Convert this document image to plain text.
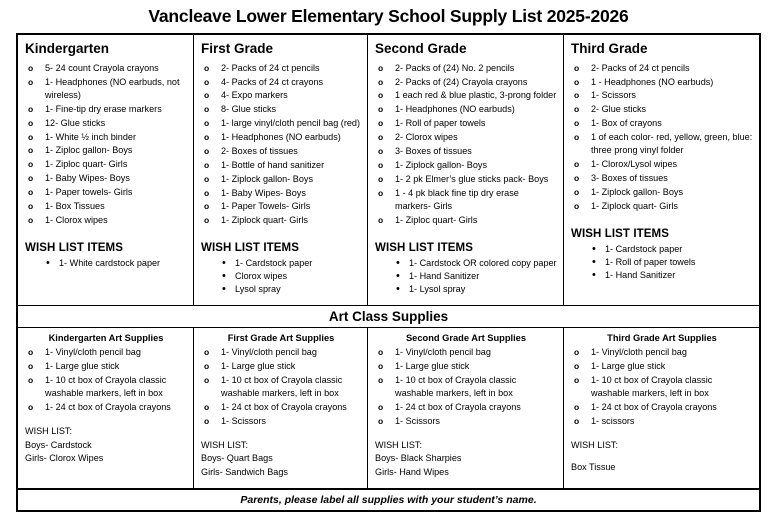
Vancleave Lower Elementary School Supply List 2025-2026
Kindergarten
o 5- 24 count Crayola crayons
o 1- Headphones (NO earbuds, not wireless)
o 1- Fine-tip dry erase markers
o 12- Glue sticks
o 1- White ½ inch binder
o 1- Ziploc gallon- Boys
o 1- Ziploc quart- Girls
o 1- Baby Wipes- Boys
o 1- Paper towels- Girls
o 1- Box Tissues
o 1- Clorox wipes
WISH LIST ITEMS
• 1- White cardstock paper
First Grade
o 2- Packs of 24 ct pencils
o 4- Packs of 24 ct crayons
o 4- Expo markers
o 8- Glue sticks
o 1- large vinyl/cloth pencil bag (red)
o 1- Headphones (NO earbuds)
o 2- Boxes of tissues
o 1- Bottle of hand sanitizer
o 1- Ziplock gallon- Boys
o 1- Baby Wipes- Boys
o 1- Paper Towels- Girls
o 1- Ziplock quart- Girls
WISH LIST ITEMS
• 1- Cardstock paper
• Clorox wipes
• Lysol spray
Second Grade
o 2- Packs of (24) No. 2 pencils
o 2- Packs of (24) Crayola crayons
o 1 each red & blue plastic, 3-prong folder
o 1- Headphones (NO earbuds)
o 1- Roll of paper towels
o 2- Clorox wipes
o 3- Boxes of tissues
o 1- Ziplock gallon- Boys
o 1- 2 pk Elmer’s glue sticks pack- Boys
o 1 - 4 pk black fine tip dry erase markers- Girls
o 1- Ziploc quart- Girls
WISH LIST ITEMS
• 1- Cardstock OR colored copy paper
• 1- Hand Sanitizer
• 1- Lysol spray
Third Grade
o 2- Packs of 24 ct pencils
o 1 - Headphones (NO earbuds)
o 1- Scissors
o 2- Glue sticks
o 1- Box of crayons
o 1 of each color- red, yellow, green, blue: three prong vinyl folder
o 1- Clorox/Lysol wipes
o 3- Boxes of tissues
o 1- Ziplock gallon- Boys
o 1- Ziplock quart- Girls
WISH LIST ITEMS
• 1- Cardstock paper
• 1- Roll of paper towels
• 1- Hand Sanitizer
Art Class Supplies
Kindergarten Art Supplies
o 1- Vinyl/cloth pencil bag
o 1- Large glue stick
o 1- 10 ct box of Crayola classic washable markers, left in box
o 1- 24 ct box of Crayola crayons
WISH LIST:
Boys- Cardstock
Girls- Clorox Wipes
First Grade Art Supplies
o 1- Vinyl/cloth pencil bag
o 1- Large glue stick
o 1- 10 ct box of Crayola classic washable markers, left in box
o 1- 24 ct box of Crayola crayons
o 1- Scissors
WISH LIST:
Boys- Quart Bags
Girls- Sandwich Bags
Second Grade Art Supplies
o 1- Vinyl/cloth pencil bag
o 1- Large glue stick
o 1- 10 ct box of Crayola classic washable markers, left in box
o 1- 24 ct box of Crayola crayons
o 1- Scissors
WISH LIST:
Boys- Black Sharpies
Girls- Hand Wipes
Third Grade Art Supplies
o 1- Vinyl/cloth pencil bag
o 1- Large glue stick
o 1- 10 ct box of Crayola classic washable markers, left in box
o 1- 24 ct box of Crayola crayons
o 1- scissors
WISH LIST:
Box Tissue
Parents, please label all supplies with your student’s name.
